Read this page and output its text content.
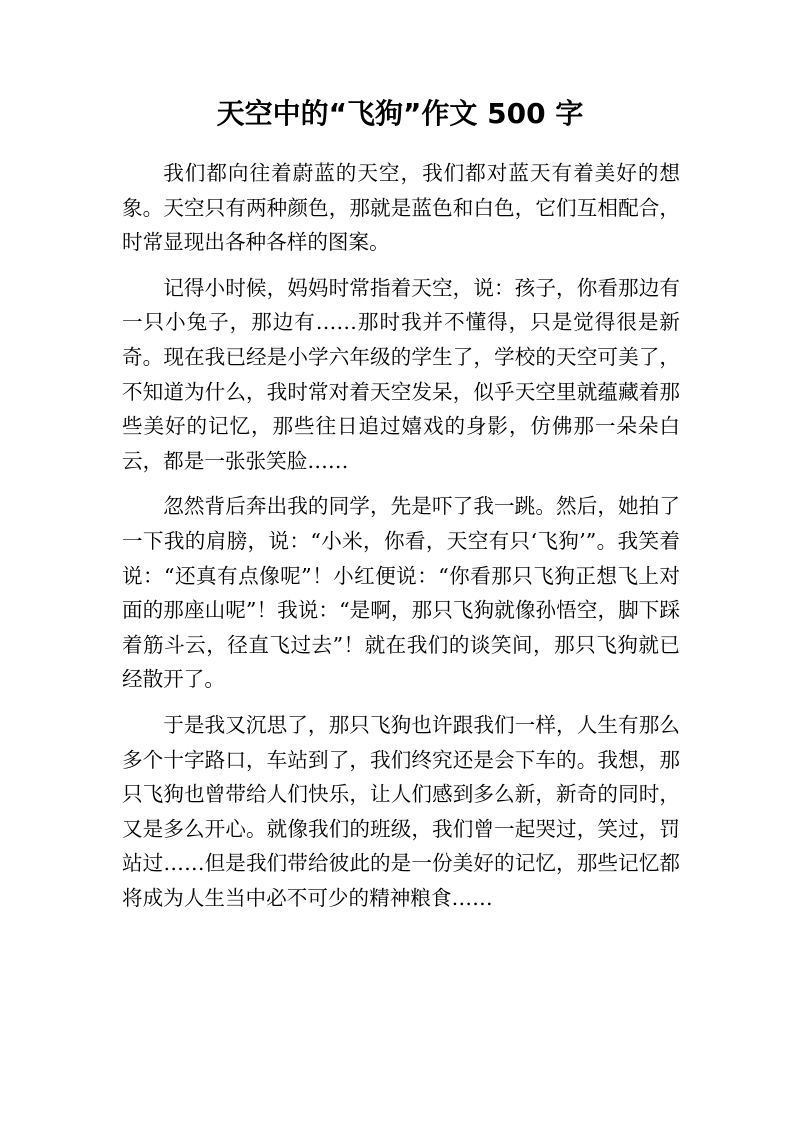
天空中的“飞狗”作文 500 字

我们都向往着蔚蓝的天空，我们都对蓝天有着美好的想象。天空只有两种颜色，那就是蓝色和白色，它们互相配合，时常显现出各种各样的图案。

记得小时候，妈妈时常指着天空，说：孩子，你看那边有一只小兔子，那边有……那时我并不懂得，只是觉得很是新奇。现在我已经是小学六年级的学生了，学校的天空可美了，不知道为什么，我时常对着天空发呆，似乎天空里就蕴藏着那些美好的记忆，那些往日追过嬉戏的身影，仿佛那一朵朵白云，都是一张张笑脸……

忽然背后奔出我的同学，先是吓了我一跳。然后，她拍了一下我的肩膀，说：“小米，你看，天空有只‘飞狗’”。我笑着说：“还真有点像呢”！小红便说：“你看那只飞狗正想飞上对面的那座山呢”！我说：“是啊，那只飞狗就像孙悟空，脚下踩着筋斗云，径直飞过去”！就在我们的谈笑间，那只飞狗就已经散开了。

于是我又沉思了，那只飞狗也许跟我们一样，人生有那么多个十字路口，车站到了，我们终究还是会下车的。我想，那只飞狗也曾带给人们快乐，让人们感到多么新，新奇的同时，又是多么开心。就像我们的班级，我们曾一起哭过，笑过，罚站过……但是我们带给彼此的是一份美好的记忆，那些记忆都将成为人生当中必不可少的精神粮食……
